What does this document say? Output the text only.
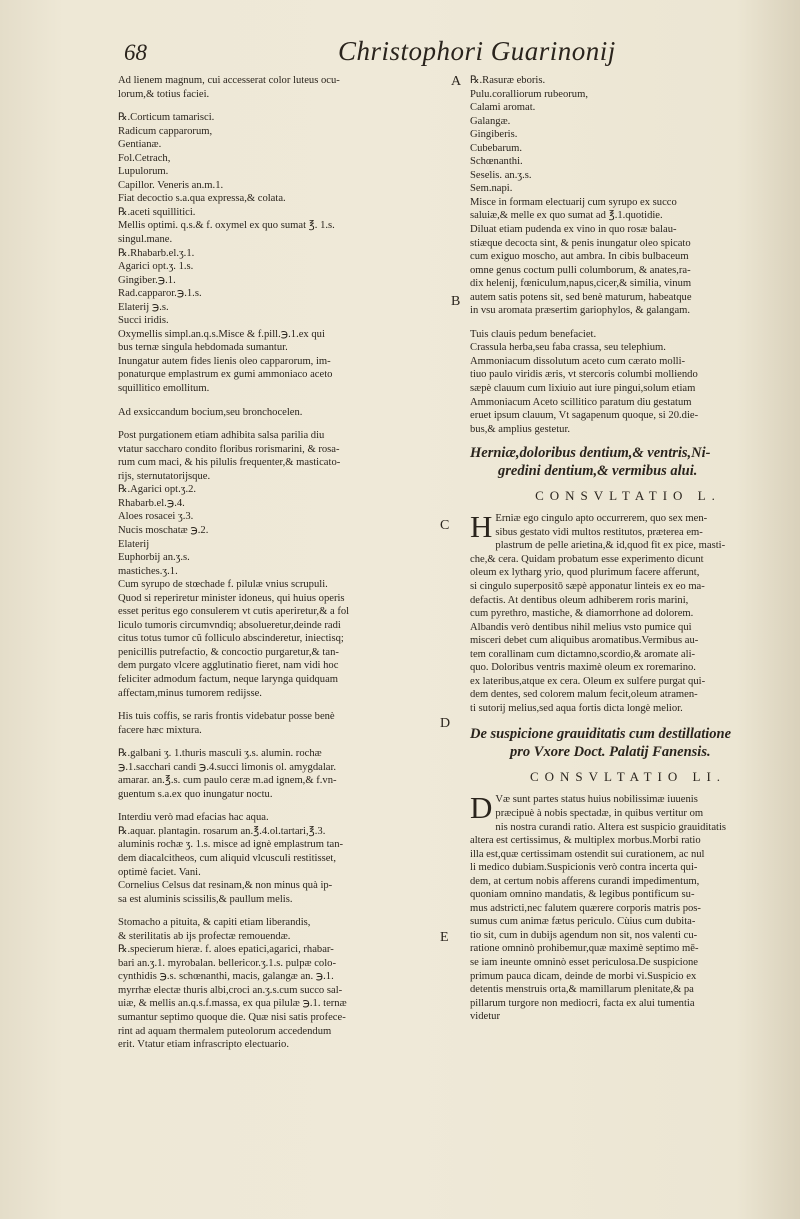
68	Christophori Guarinonij
A
B
C
D
E
Ad lienem magnum, cui accesserat color luteus ocu-
lorum,& totius faciei.
℞.Corticum tamarisci.
Radicum capparorum,
Gentianæ.
Fol.Cetrach,
Lupulorum.
Capillor. Veneris an.m.1.
Fiat decoctio s.a.qua expressa,& colata.
℞.aceti squillitici.
Mellis optimi. q.s.& f. oxymel ex quo sumat ℥. 1.s.
singul.mane.
℞.Rhabarb.el.ʒ.1.
Agarici opt.ʒ. 1.s.
Gingiber.℈.1.
Rad.capparor.℈.1.s.
Elaterij ℈.s.
Succi iridis.
Oxymellis simpl.an.q.s.Misce & f.pill.℈.1.ex qui
bus ternæ singula hebdomada sumantur.
Inungatur autem fides lienis oleo capparorum, im-
ponaturque emplastrum ex gumi ammoniaco aceto
squillitico emollitum.
Ad exsiccandum bocium,seu bronchocelen.
Post purgationem etiam adhibita salsa parilia diu
vtatur saccharo condito floribus rorismarini, & rosa-
rum cum maci, & his pilulis frequenter,& masticato-
rijs, sternutatorijsque.
℞.Agarici opt.ʒ.2.
Rhabarb.el.℈.4.
Aloes rosacei ʒ.3.
Nucis moschatæ ℈.2.
Elaterij
Euphorbij an.ʒ.s.
mastiches.ʒ.1.
Cum syrupo de stœchade f. pilulæ vnius scrupuli.
Quod si reperiretur minister idoneus, qui huius operis
esset peritus ego consulerem vt cutis aperiretur,& a fol
liculo tumoris circumvndiq; absolueretur,deinde radi
citus totus tumor cũ folliculo abscinderetur, iniectisq;
penicillis putrefactio, & concoctio purgaretur,& tan-
dem purgato vlcere agglutinatio fieret, nam vidi hoc
feliciter admodum factum, neque larynga quidquam
affectam,minus tumorem redijsse.
His tuis coffis, se raris frontis videbatur posse benè
facere hæc mixtura.
℞.galbani ʒ. 1.thuris masculi ʒ.s. alumin. rochæ
℈.1.sacchari candi ℈.4.succi limonis ol. amygdalar.
amarar. an.℥.s. cum paulo ceræ m.ad ignem,& f.vn-
guentum s.a.ex quo inungatur noctu.
Interdiu verò mad efacias hac aqua.
℞.aquar. plantagin. rosarum an.℥.4.ol.tartari,℥.3.
aluminis rochæ ʒ. 1.s. misce ad ignè emplastrum tan-
dem diacalcitheos, cum aliquid vlcusculi restitisset,
optimè faciet. Vani.
Cornelius Celsus dat resinam,& non minus quà ip-
sa est aluminis scissilis,& paullum melis.
Stomacho a pituita, & capiti etiam liberandis,
& sterilitatis ab ijs profectæ remouendæ.
℞.specierum hieræ. f. aloes epatici,agarici, rhabar-
bari an.ʒ.1. myrobalan. bellericor.ʒ.1.s. pulpæ colo-
cynthidis ℈.s. schœnanthi, macis, galangæ an. ℈.1.
myrrhæ electæ thuris albi,croci an.ʒ.s.cum succo sal-
uiæ, & mellis an.q.s.f.massa, ex qua pilulæ ℈.1. ternæ
sumantur septimo quoque die. Quæ nisi satis profece-
rint ad aquam thermalem puteolorum accedendum
erit. Vtatur etiam infrascripto electuario.
℞.Rasuræ eboris.
Pulu.coralliorum rubeorum,
Calami aromat.
Galangæ.
Gingiberis.
Cubebarum.
Schœnanthi.
Seselis. an.ʒ.s.
Sem.napi.
Misce in formam electuarij cum syrupo ex succo
saluiæ,& melle ex quo sumat ad ℥.1.quotidie.
Diluat etiam pudenda ex vino in quo rosæ balau-
stiæque decocta sint, & penis inungatur oleo spicato
cum exiguo moscho, aut ambra. In cibis bulbaceum
omne genus coctum pulli columborum, & anates,ra-
dix helenij, fœniculum,napus,cicer,& similia, vinum
autem satis potens sit, sed benè maturum, habeatque
in vsu aromata præsertim gariophylos, & galangam.
Tuis clauis pedum benefaciet.
Crassula herba,seu faba crassa, seu telephium.
Ammoniacum dissolutum aceto cum cærato molli-
tiuo paulo viridis æris, vt stercoris columbi molliendo
sæpè clauum cum lixiuio aut iure pingui,solum etiam
Ammoniacum Aceto scillitico paratum diu gestatum
eruet ipsum clauum, Vt sagapenum quoque, si 20.die-
bus,& amplius gestetur.
Herniæ,doloribus dentium,& ventris,Ni-
gredini dentium,& vermibus alui.
CONSVLTATIO L.
H Erniæ ego cingulo apto occurrerem, quo sex men-
sibus gestato vidi multos restitutos, præterea em-
plastrum de pelle arietina,& id,quod fit ex pice, masti-
che,& cera. Quidam probatum esse experimento dicunt
oleum ex lytharg yrio, quod plurimum facere afferunt,
si cingulo superpositō sæpè apponatur linteis ex eo ma-
defactis. At dentibus oleum adhiberem roris marini,
cum pyrethro, mastiche, & diamorrhone ad dolorem.
Albandis verò dentibus nihil melius vsto pumice qui
misceri debet cum aliquibus aromatibus.Vermibus au-
tem corallinam cum dictamno,scordio,& aromate ali-
quo. Doloribus ventris maximè oleum ex roremarino.
ex lateribus,atque ex cera. Oleum ex sulfere purgat qui-
dem dentes, sed colorem malum fecit,oleum atramen-
ti sutorij melius,sed aqua fortis dicta longè melior.
De suspicione grauiditatis cum destillatione
pro Vxore Doct. Palatij Fanensis.
CONSVLTATIO LI.
D Væ sunt partes status huius nobilissimæ iuuenis
præcipuè à nobis spectadæ, in quibus vertitur om
nis nostra curandi ratio. Altera est suspicio grauiditatis
altera est certissimus, & multiplex morbus.Morbi ratio
illa est,quæ certissimam ostendit sui curationem, ac nul
li medico dubiam.Suspicionis verò contra incerta qui-
dem, at certum nobis afferens curandi impedimentum,
quoniam omnino mandatis, & legibus pontificum su-
mus adstricti,nec falutem quærere corporis matris pos-
sumus cum animæ fætus periculo. Cùius cum dubita-
tio sit, cum in dubijs agendum non sit, nos valenti cu-
ratione omninò prohibemur,quæ maximè septimo mē-
se iam ineunte omninò esset periculosa.De suspicione
primum pauca dicam, deinde de morbi vi.Suspicio ex
detentis menstruis orta,& mamillarum plenitate,& pa
pillarum turgore non mediocri, facta ex alui tumentia
videtur
